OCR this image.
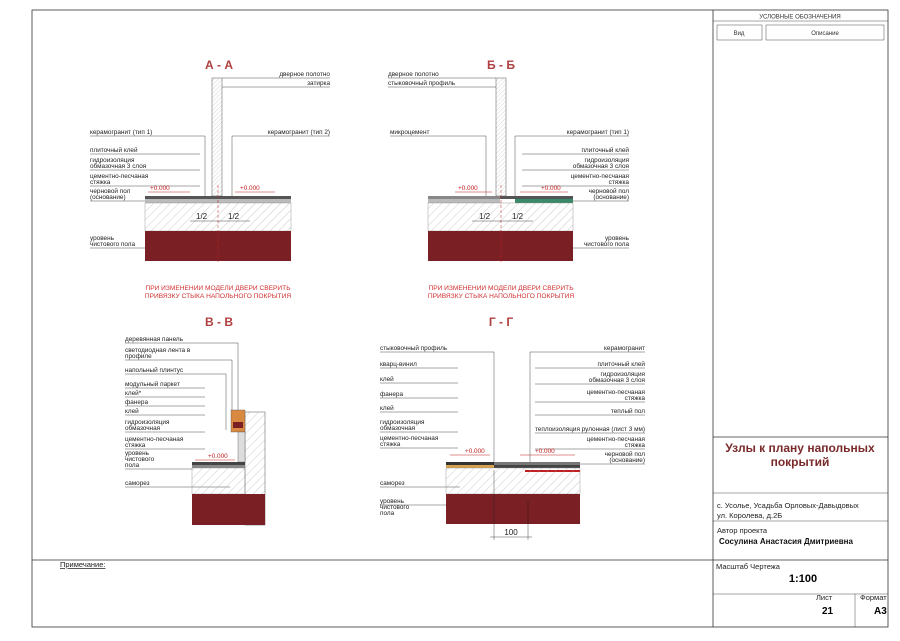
УСЛОВНЫЕ ОБОЗНАЧЕНИЯ
Вид	Описание
Узлы к плану напольных
покрытий
с. Усолье, Усадьба Орловых-Давыдовых
ул. Королева, д.2Б
Автор проекта
Сосулина Анастасия Дмитриевна
Масштаб Чертежа
1:100
Лист
21
Формат
А3
Примечание:
А - А
дверное полотно
затирка
керамогранит (тип 1)
плиточный клей
гидроизоляция
обмазочная 3 слоя
цементно-песчаная
стяжка
черновой пол
(основание)
уровень
чистового пола
керамогранит (тип 2)
+0.000	+0.000
1/2	1/2
ПРИ ИЗМЕНЕНИИ МОДЕЛИ ДВЕРИ СВЕРИТЬ
ПРИВЯЗКУ СТЫКА НАПОЛЬНОГО ПОКРЫТИЯ
Б - Б
дверное полотно
стыковочный профиль
микроцемент	керамогранит (тип 1)
плиточный клей
гидроизоляция
обмазочная 3 слоя
цементно-песчаная
стяжка
черновой пол
(основание)
уровень
чистового пола
+0.000	+0.000
1/2	1/2
ПРИ ИЗМЕНЕНИИ МОДЕЛИ ДВЕРИ СВЕРИТЬ
ПРИВЯЗКУ СТЫКА НАПОЛЬНОГО ПОКРЫТИЯ
В - В
деревянная панель
светодиодная лента в
профиле
напольный плинтус
модульный паркет
клей*
фанера
клей
гидроизоляция
обмазочная
цементно-песчаная
стяжка
уровень
чистового
пола
саморез
+0.000
Г - Г
стыковочный профиль
кварц-винил
клей
фанера
клей
гидроизоляция
обмазочная
цементно-песчаная
стяжка
саморез
уровень
чистового
пола
керамогранит
плиточный клей
гидроизоляция
обмазочная 3 слоя
цементно-песчаная
стяжка
теплый пол
теплоизоляция рулонная (лист 3 мм)
цементно-песчаная
стяжка
черновой пол
(основание)
+0.000	+0.000
100
